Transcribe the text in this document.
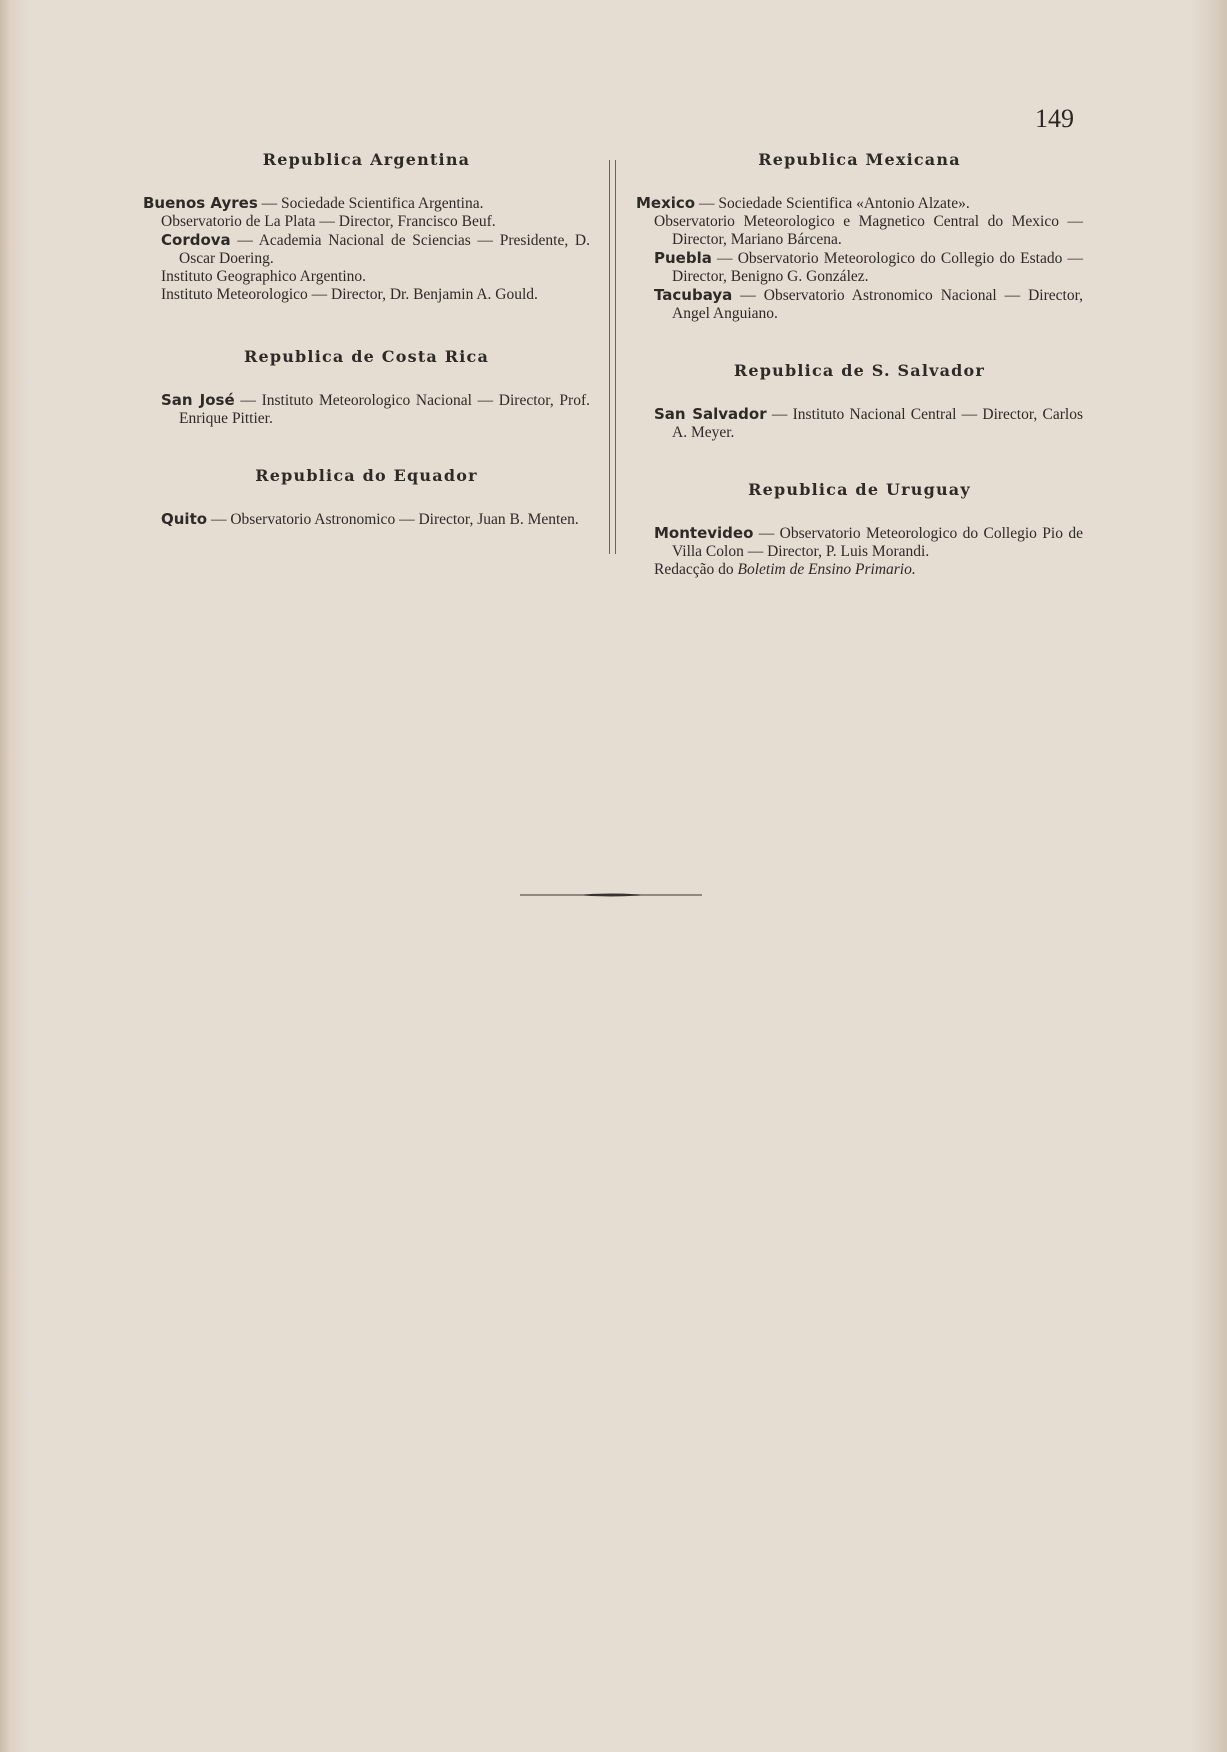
149
Republica Argentina

Buenos Ayres — Sociedade Scientifica Argentina.

Observatorio de La Plata — Director, Francisco Beuf.

Cordova — Academia Nacional de Sciencias — Presidente, D. Oscar Doering.

Instituto Geographico Argentino.

Instituto Meteorologico — Director, Dr. Benjamin A. Gould.

Republica de Costa Rica

San José — Instituto Meteorologico Nacional — Director, Prof. Enrique Pittier.

Republica do Equador

Quito — Observatorio Astronomico — Director, Juan B. Menten.

Republica Mexicana

Mexico — Sociedade Scientifica «Antonio Alzate».

Observatorio Meteorologico e Magnetico Central do Mexico — Director, Mariano Bárcena.

Puebla — Observatorio Meteorologico do Collegio do Estado — Director, Benigno G. González.

Tacubaya — Observatorio Astronomico Nacional — Director, Angel Anguiano.

Republica de S. Salvador

San Salvador — Instituto Nacional Central — Director, Carlos A. Meyer.

Republica de Uruguay

Montevideo — Observatorio Meteorologico do Collegio Pio de Villa Colon — Director, P. Luis Morandi.

Redacção do Boletim de Ensino Primario.
